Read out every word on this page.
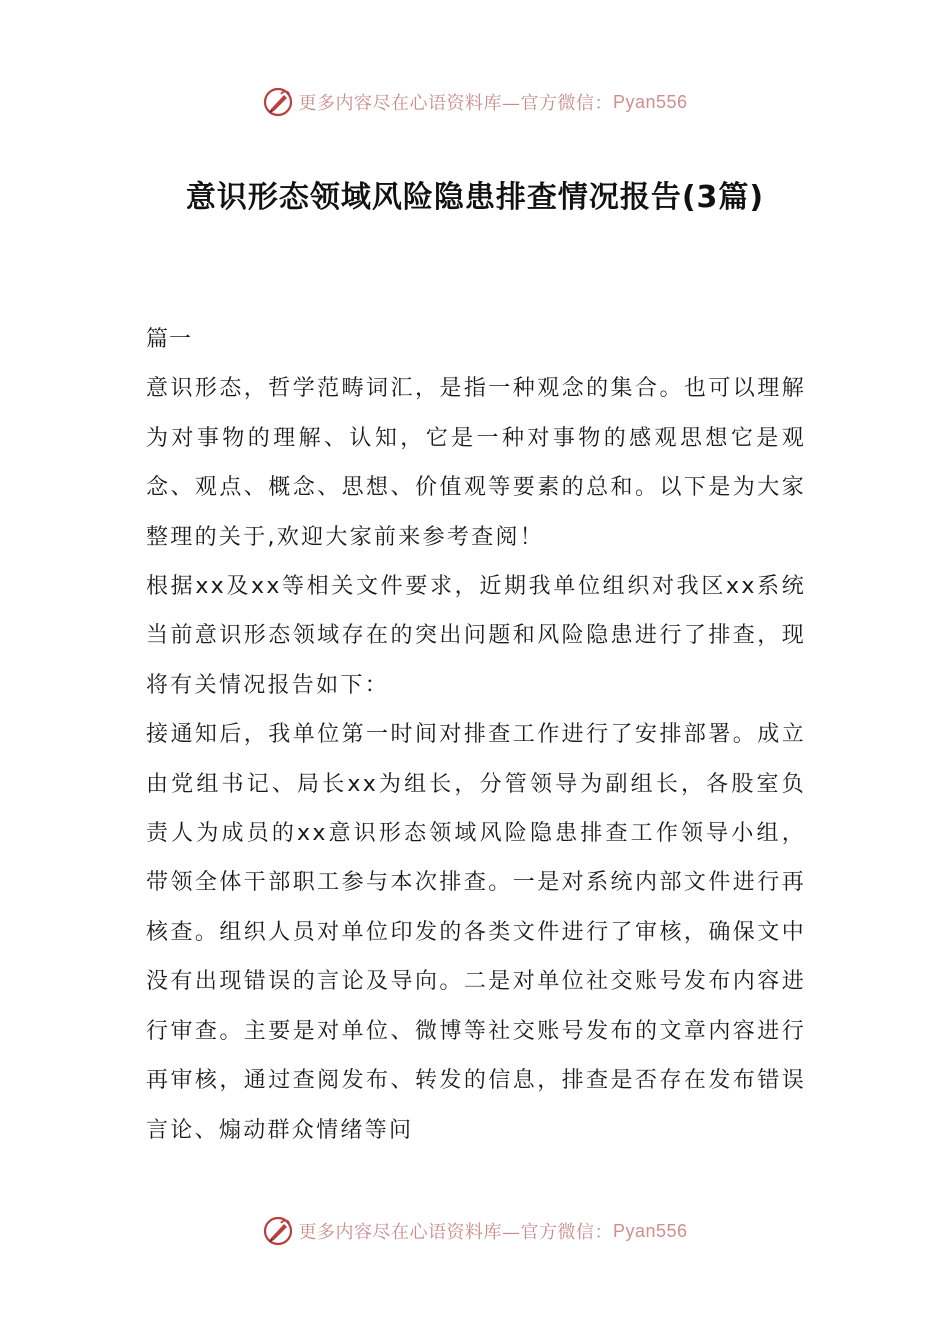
更多内容尽在心语资料库—官方微信： Pyan556
意识形态领域风险隐患排查情况报告(3篇)

篇一

意识形态，哲学范畴词汇，是指一种观念的集合。也可以理解为对事物的理解、认知，它是一种对事物的感观思想它是观念、观点、概念、思想、价值观等要素的总和。以下是为大家整理的关于,欢迎大家前来参考查阅！

根据xx及xx等相关文件要求，近期我单位组织对我区xx系统当前意识形态领域存在的突出问题和风险隐患进行了排查，现将有关情况报告如下：

接通知后，我单位第一时间对排查工作进行了安排部署。成立由党组书记、局长xx为组长，分管领导为副组长，各股室负责人为成员的xx意识形态领域风险隐患排查工作领导小组，带领全体干部职工参与本次排查。一是对系统内部文件进行再核查。组织人员对单位印发的各类文件进行了审核，确保文中没有出现错误的言论及导向。二是对单位社交账号发布内容进行审查。主要是对单位、微博等社交账号发布的文章内容进行再审核，通过查阅发布、转发的信息，排查是否存在发布错误言论、煽动群众情绪等问

更多内容尽在心语资料库—官方微信： Pyan556
